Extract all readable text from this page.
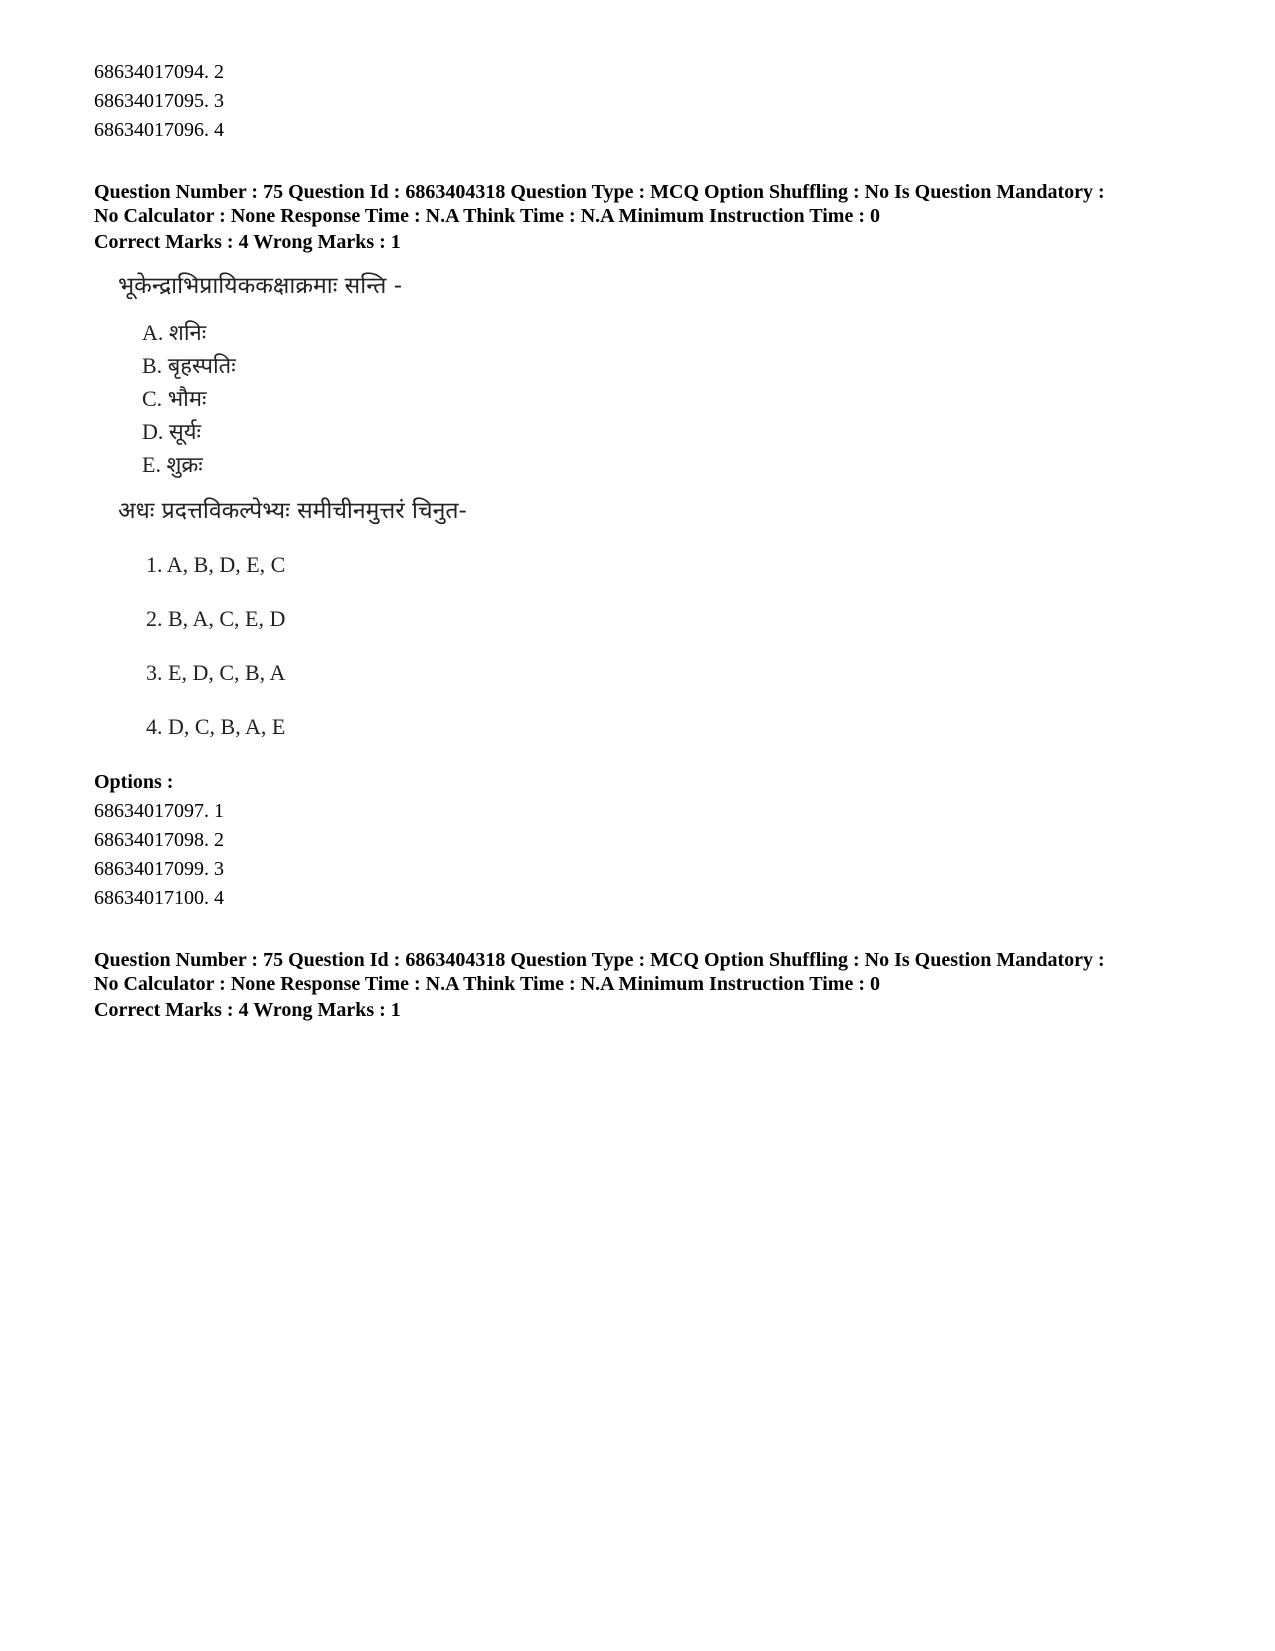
68634017094. 2
68634017095. 3
68634017096. 4
Question Number : 75 Question Id : 6863404318 Question Type : MCQ Option Shuffling : No Is Question Mandatory :
No Calculator : None Response Time : N.A Think Time : N.A Minimum Instruction Time : 0
Correct Marks : 4 Wrong Marks : 1
भूकेन्द्राभिप्रायिककक्षाक्रमाः सन्ति -
A. शनिः
B. बृहस्पतिः
C. भौमः
D. सूर्यः
E. शुक्रः
अधः प्रदत्तविकल्पेभ्यः समीचीनमुत्तरं चिनुत-
1. A, B, D, E, C
2. B, A, C, E, D
3. E, D, C, B, A
4. D, C, B, A, E
Options :
68634017097. 1
68634017098. 2
68634017099. 3
68634017100. 4
Question Number : 75 Question Id : 6863404318 Question Type : MCQ Option Shuffling : No Is Question Mandatory :
No Calculator : None Response Time : N.A Think Time : N.A Minimum Instruction Time : 0
Correct Marks : 4 Wrong Marks : 1
